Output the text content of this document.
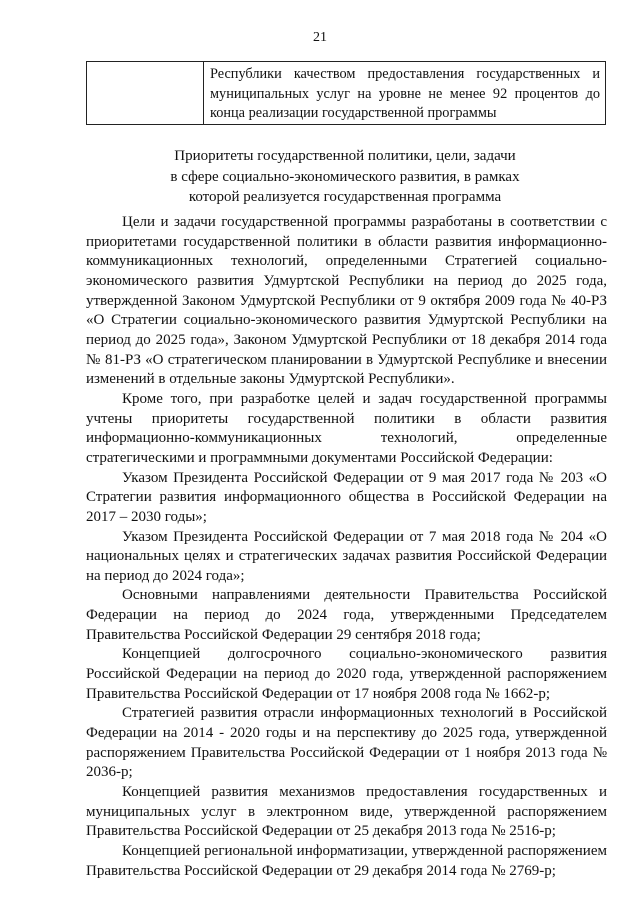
21
Республики качеством предоставления государственных и муниципальных услуг на уровне не менее 92 процентов до конца реализации государственной программы
Приоритеты государственной политики, цели, задачи
в сфере социально-экономического развития, в рамках
которой реализуется государственная программа

Цели и задачи государственной программы разработаны в соответствии с приоритетами государственной политики в области развития информационно-коммуникационных технологий, определенными Стратегией социально-экономического развития Удмуртской Республики на период до 2025 года, утвержденной Законом Удмуртской Республики от 9 октября 2009 года № 40-РЗ «О Стратегии социально-экономического развития Удмуртской Республики на период до 2025 года», Законом Удмуртской Республики от 18 декабря 2014 года № 81-РЗ «О стратегическом планировании в Удмуртской Республике и внесении изменений в отдельные законы Удмуртской Республики».

Кроме того, при разработке целей и задач государственной программы учтены приоритеты государственной политики в области развития информационно-коммуникационных технологий, определенные стратегическими и программными документами Российской Федерации:

Указом Президента Российской Федерации от 9 мая 2017 года № 203 «О Стратегии развития информационного общества в Российской Федерации на 2017 – 2030 годы»;

Указом Президента Российской Федерации от 7 мая 2018 года № 204 «О национальных целях и стратегических задачах развития Российской Федерации на период до 2024 года»;

Основными направлениями деятельности Правительства Российской Федерации на период до 2024 года, утвержденными Председателем Правительства Российской Федерации 29 сентября 2018 года;

Концепцией долгосрочного социально-экономического развития Российской Федерации на период до 2020 года, утвержденной распоряжением Правительства Российской Федерации от 17 ноября 2008 года № 1662-р;

Стратегией развития отрасли информационных технологий в Российской Федерации на 2014 - 2020 годы и на перспективу до 2025 года, утвержденной распоряжением Правительства Российской Федерации от 1 ноября 2013 года № 2036-р;

Концепцией развития механизмов предоставления государственных и муниципальных услуг в электронном виде, утвержденной распоряжением Правительства Российской Федерации от 25 декабря 2013 года № 2516-р;

Концепцией региональной информатизации, утвержденной распоряжением Правительства Российской Федерации от 29 декабря 2014 года № 2769-р;
